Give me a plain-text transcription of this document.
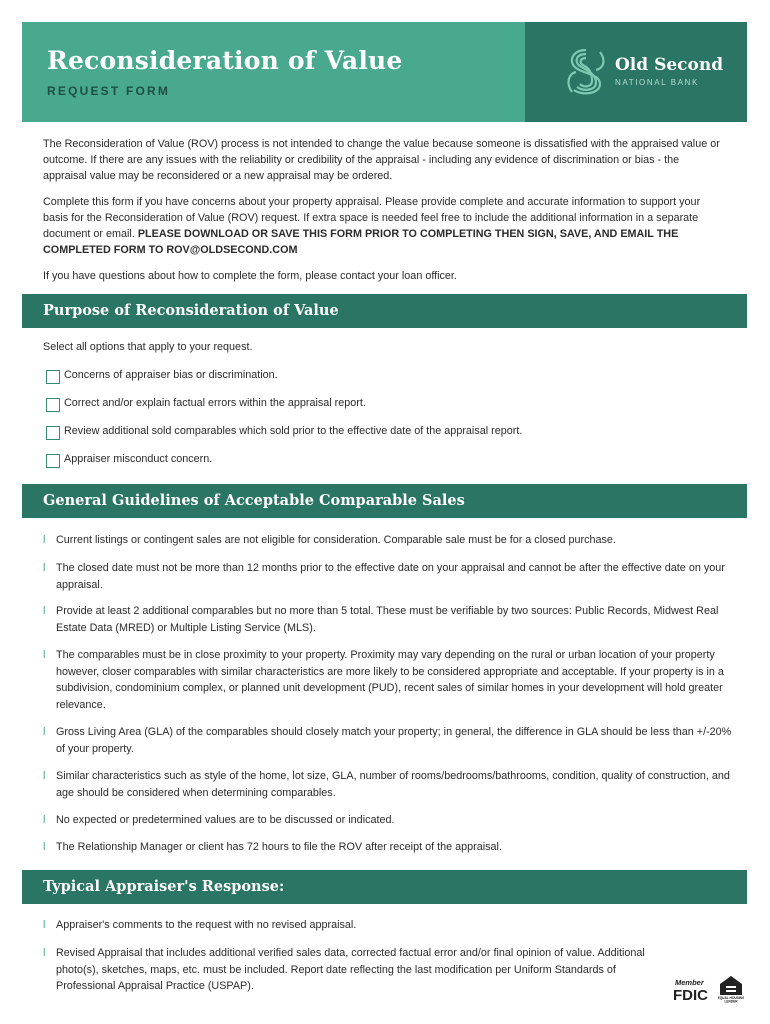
Reconsideration of Value
REQUEST FORM
Old Second
NATIONAL BANK
The Reconsideration of Value (ROV) process is not intended to change the value because someone is dissatisfied with the appraised value or outcome. If there are any issues with the reliability or credibility of the appraisal - including any evidence of discrimination or bias - the appraisal value may be reconsidered or a new appraisal may be ordered.
Complete this form if you have concerns about your property appraisal. Please provide complete and accurate information to support your basis for the Reconsideration of Value (ROV) request. If extra space is needed feel free to include the additional information in a separate document or email. PLEASE DOWNLOAD OR SAVE THIS FORM PRIOR TO COMPLETING THEN SIGN, SAVE, AND EMAIL THE COMPLETED FORM TO ROV@OLDSECOND.COM
If you have questions about how to complete the form, please contact your loan officer.
Purpose of Reconsideration of Value
Select all options that apply to your request.
Concerns of appraiser bias or discrimination.
Correct and/or explain factual errors within the appraisal report.
Review additional sold comparables which sold prior to the effective date of the appraisal report.
Appraiser misconduct concern.
General Guidelines of Acceptable Comparable Sales
l Current listings or contingent sales are not eligible for consideration. Comparable sale must be for a closed purchase.
l The closed date must not be more than 12 months prior to the effective date on your appraisal and cannot be after the effective date on your appraisal.
l Provide at least 2 additional comparables but no more than 5 total. These must be verifiable by two sources: Public Records, Midwest Real Estate Data (MRED) or Multiple Listing Service (MLS).
l The comparables must be in close proximity to your property. Proximity may vary depending on the rural or urban location of your property however, closer comparables with similar characteristics are more likely to be considered appropriate and acceptable. If your property is in a subdivision, condominium complex, or planned unit development (PUD), recent sales of similar homes in your development will hold greater relevance.
l Gross Living Area (GLA) of the comparables should closely match your property; in general, the difference in GLA should be less than +/-20% of your property.
l Similar characteristics such as style of the home, lot size, GLA, number of rooms/bedrooms/bathrooms, condition, quality of construction, and age should be considered when determining comparables.
l No expected or predetermined values are to be discussed or indicated.
l The Relationship Manager or client has 72 hours to file the ROV after receipt of the appraisal.
Typical Appraiser's Response:
l Appraiser's comments to the request with no revised appraisal.
l Revised Appraisal that includes additional verified sales data, corrected factual error and/or final opinion of value. Additional photo(s), sketches, maps, etc. must be included. Report date reflecting the last modification per Uniform Standards of Professional Appraisal Practice (USPAP).	Member
FDIC	EQUAL HOUSING
LENDER
